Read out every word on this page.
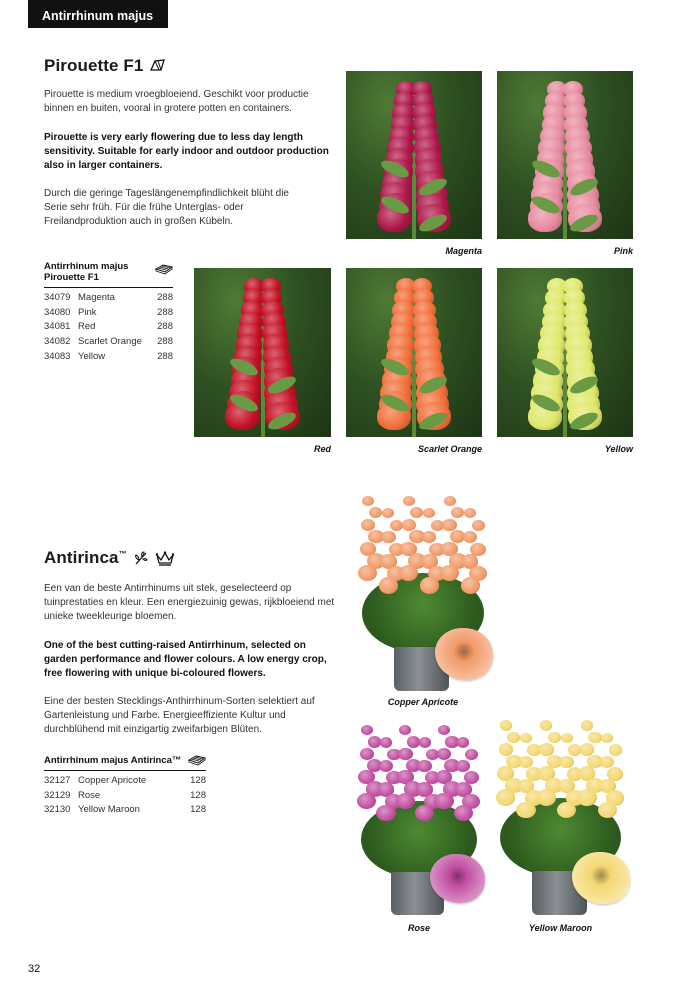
Antirrhinum majus
Pirouette F1
Pirouette is medium vroegbloeiend. Geschikt voor productie binnen en buiten, vooral in grotere potten en containers.
Pirouette is very early flowering due to less day length sensitivity. Suitable for early indoor and outdoor production also in larger containers.
Durch die geringe Tageslängenempfindlichkeit blüht die Serie sehr früh. Für die frühe Unterglas- oder Freilandproduktion auch in großen Kübeln.
Antirrhinum majus
Pirouette F1
34079 Magenta	288
34080 Pink	288
34081 Red	288
34082 Scarlet Orange	288
34083 Yellow	288
Magenta	Pink
Red	Scarlet Orange	Yellow
Antirinca™
Een van de beste Antirrhinums uit stek, geselecteerd op tuinprestaties en kleur. Een energiezuinig gewas, rijkbloeiend met unieke tweekleurige bloemen.
One of the best cutting-raised Antirrhinum, selected on garden performance and flower colours. A low energy crop, free flowering with unique bi-coloured flowers.
Eine der besten Stecklings-Anthirrhinum-Sorten selektiert auf Gartenleistung und Farbe. Energieeffiziente Kultur und durchblühend mit einzigartig zweifarbigen Blüten.
Antirrhinum majus Antirinca™
32127 Copper Apricote	128
32129 Rose	128
32130 Yellow Maroon	128
Copper Apricote
Rose	Yellow Maroon
32
